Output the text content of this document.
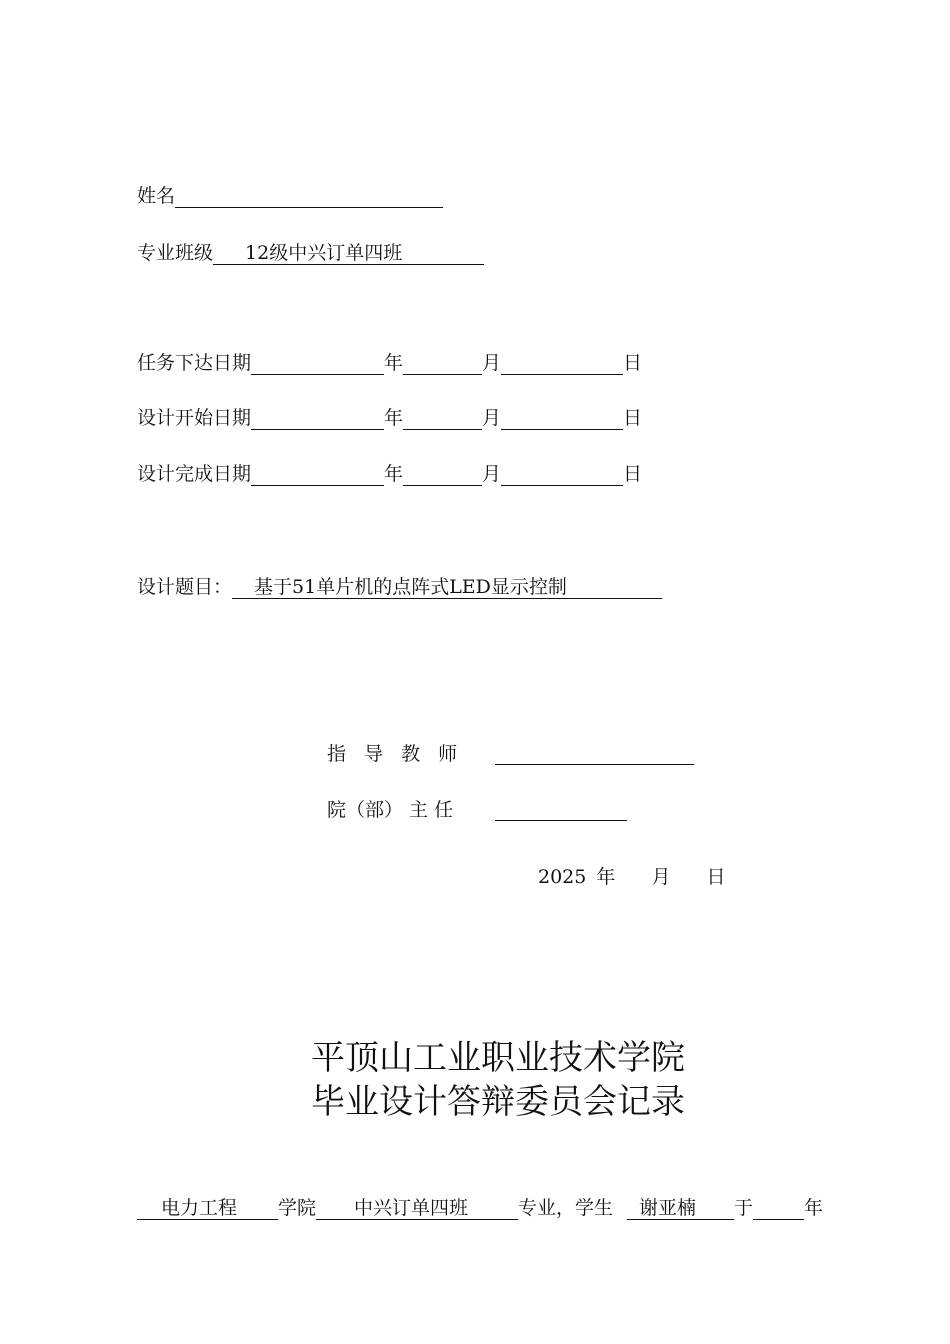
姓名
专业班级 12级中兴订单四班
任务下达日期	年	月	日
设计开始日期	年	月	日
设计完成日期	年	月	日
设计题目： 基于51单片机的点阵式LED显示控制
指 导 教 师
院（部） 主 任
2025 年 月 日
平顶山工业职业技术学院
毕业设计答辩委员会记录
电力工程 学院 中兴订单四班	专业，学生 谢亚楠 于	年
